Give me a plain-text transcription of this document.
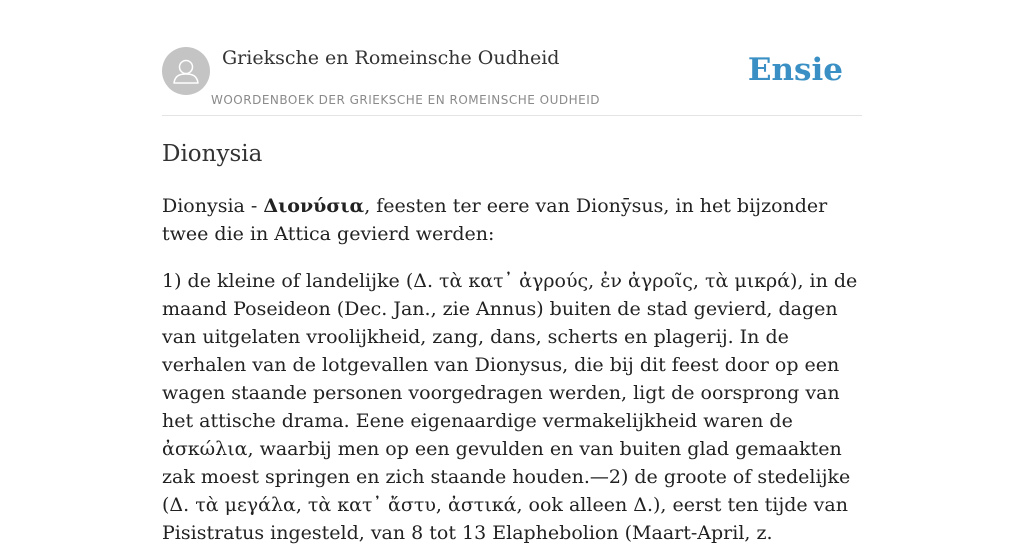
Grieksche en Romeinsche Oudheid
WOORDENBOEK DER GRIEKSCHE EN ROMEINSCHE OUDHEID
Ensie
Dionysia

Dionysia - Διονύσια, feesten ter eere van Dionȳsus, in het bijzonder twee die in Attica gevierd werden:

1) de kleine of landelijke (Δ. τὰ κατ᾽ ἀγρούς, ἐν ἀγροῖς, τὰ μικρά), in de maand Poseideon (Dec. Jan., zie Annus) buiten de stad gevierd, dagen van uitgelaten vroolijkheid, zang, dans, scherts en plagerij. In de verhalen van de lotgevallen van Dionysus, die bij dit feest door op een wagen staande personen voorgedragen werden, ligt de oorsprong van het attische drama. Eene eigenaardige vermakelijkheid waren de ἀσκώλια, waarbij men op een gevulden en van buiten glad gemaakten zak moest springen en zich staande houden.—2) de groote of stedelijke (Δ. τὰ μεγάλα, τὰ κατ᾽ ἄστυ, ἀστικά, ook alleen Δ.), eerst ten tijde van Pisistratus ingesteld, van 8 tot 13 Elaphebolion (Maart-April, z.
